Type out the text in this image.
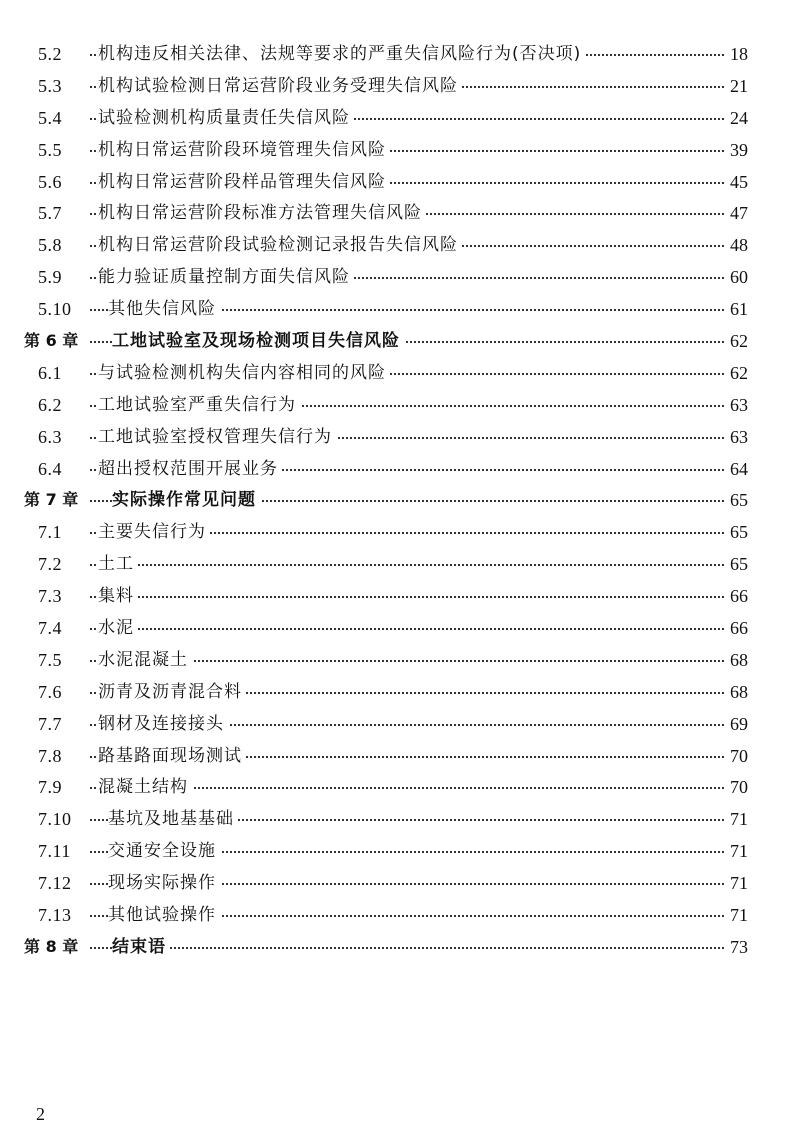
5.2 机构违反相关法律、法规等要求的严重失信风险行为(否决项)	18
5.3 机构试验检测日常运营阶段业务受理失信风险	21
5.4 试验检测机构质量责任失信风险	24
5.5 机构日常运营阶段环境管理失信风险	39
5.6 机构日常运营阶段样品管理失信风险	45
5.7 机构日常运营阶段标准方法管理失信风险	47
5.8 机构日常运营阶段试验检测记录报告失信风险	48
5.9 能力验证质量控制方面失信风险	60
5.10 其他失信风险	61
第 6 章 工地试验室及现场检测项目失信风险	62
6.1 与试验检测机构失信内容相同的风险	62
6.2 工地试验室严重失信行为	63
6.3 工地试验室授权管理失信行为	63
6.4 超出授权范围开展业务	64
第 7 章 实际操作常见问题	65
7.1 主要失信行为	65
7.2 土工	65
7.3 集料	66
7.4 水泥	66
7.5 水泥混凝土	68
7.6 沥青及沥青混合料	68
7.7 钢材及连接接头	69
7.8 路基路面现场测试	70
7.9 混凝土结构	70
7.10 基坑及地基基础	71
7.11 交通安全设施	71
7.12 现场实际操作	71
7.13 其他试验操作	71
第 8 章 结束语	73
2
